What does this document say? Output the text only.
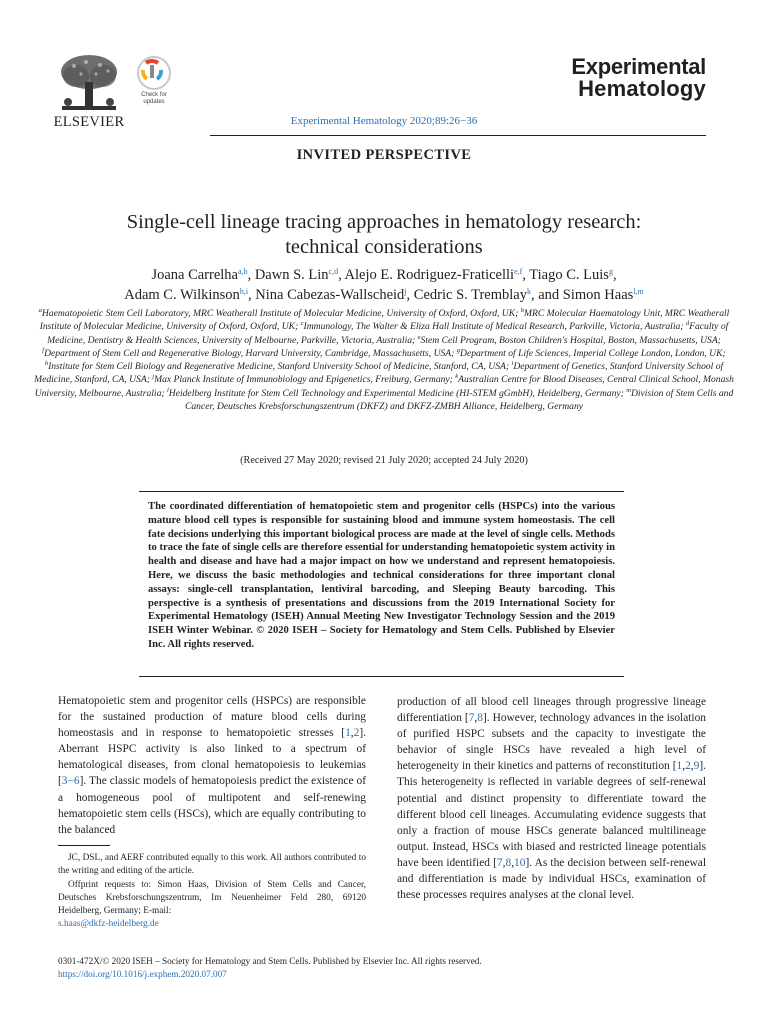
ELSEVIER
Check for
updates
Experimental
Hematology
Experimental Hematology 2020;89:26−36
INVITED PERSPECTIVE
Single-cell lineage tracing approaches in hematology research:
technical considerations
Joana Carrelha$^{a,b}$, Dawn S. Lin$^{c,d}$, Alejo E. Rodriguez-Fraticelli$^{e,f}$, Tiago C. Luis$^g$,
Adam C. Wilkinson$^{h,i}$, Nina Cabezas-Wallscheid$^j$, Cedric S. Tremblay$^k$, and Simon Haas$^{l,m}$
$^a$Haematopoietic Stem Cell Laboratory, MRC Weatherall Institute of Molecular Medicine, University of Oxford, Oxford, UK; $^b$MRC Molecular Haematology Unit, MRC Weatherall Institute of Molecular Medicine, University of Oxford, Oxford, UK; $^c$Immunology, The Walter & Eliza Hall Institute of Medical Research, Parkville, Victoria, Australia; $^d$Faculty of Medicine, Dentistry & Health Sciences, University of Melbourne, Parkville, Victoria, Australia; $^e$Stem Cell Program, Boston Children's Hospital, Boston, Massachusetts, USA; $^f$Department of Stem Cell and Regenerative Biology, Harvard University, Cambridge, Massachusetts, USA; $^g$Department of Life Sciences, Imperial College London, London, UK; $^h$Institute for Stem Cell Biology and Regenerative Medicine, Stanford University School of Medicine, Stanford, CA, USA; $^i$Department of Genetics, Stanford University School of Medicine, Stanford, CA, USA; $^j$Max Planck Institute of Immunobiology and Epigenetics, Freiburg, Germany; $^k$Australian Centre for Blood Diseases, Central Clinical School, Monash University, Melbourne, Australia; $^l$Heidelberg Institute for Stem Cell Technology and Experimental Medicine (HI-STEM gGmbH), Heidelberg, Germany; $^m$Division of Stem Cells and Cancer, Deutsches Krebsforschungszentrum (DKFZ) and DKFZ-ZMBH Alliance, Heidelberg, Germany
(Received 27 May 2020; revised 21 July 2020; accepted 24 July 2020)
The coordinated differentiation of hematopoietic stem and progenitor cells (HSPCs) into the various mature blood cell types is responsible for sustaining blood and immune system homeostasis. The cell fate decisions underlying this important biological process are made at the level of single cells. Methods to trace the fate of single cells are therefore essential for understanding hematopoietic system activity in health and disease and have had a major impact on how we understand and represent hematopoiesis. Here, we discuss the basic methodologies and technical considerations for three important clonal assays: single-cell transplantation, lentiviral barcoding, and Sleeping Beauty barcoding. This perspective is a synthesis of presentations and discussions from the 2019 International Society for Experimental Hematology (ISEH) Annual Meeting New Investigator Technology Session and the 2019 ISEH Winter Webinar. © 2020 ISEH – Society for Hematology and Stem Cells. Published by Elsevier Inc. All rights reserved.
Hematopoietic stem and progenitor cells (HSPCs) are responsible for the sustained production of mature blood cells during homeostasis and in response to hematopoietic stresses [1,2]. Aberrant HSPC activity is also linked to a spectrum of hematological diseases, from clonal hematopoiesis to leukemias [3−6]. The classic models of hematopoiesis predict the existence of a homogeneous pool of multipotent and self-renewing hematopoietic stem cells (HSCs), which are equally contributing to the balanced
production of all blood cell lineages through progressive lineage differentiation [7,8]. However, technology advances in the isolation of purified HSPC subsets and the capacity to investigate the behavior of single HSCs have revealed a high level of heterogeneity in their kinetics and patterns of reconstitution [1,2,9]. This heterogeneity is reflected in variable degrees of self-renewal potential and distinct propensity to differentiate toward the different blood cell lineages. Accumulating evidence suggests that only a fraction of mouse HSCs generate balanced multilineage output. Instead, HSCs with biased and restricted lineage potentials have been identified [7,8,10]. As the decision between self-renewal and differentiation is made by individual HSCs, examination of these processes requires analyses at the clonal level.

JC, DSL, and AERF contributed equally to this work. All authors contributed to the writing and editing of the article.

Offprint requests to: Simon Haas, Division of Stem Cells and Cancer, Deutsches Krebsforschungszentrum, Im Neuenheimer Feld 280, 69120 Heidelberg, Germany; E-mail:
s.haas@dkfz-heidelberg.de

0301-472X/© 2020 ISEH – Society for Hematology and Stem Cells. Published by Elsevier Inc. All rights reserved.
https://doi.org/10.1016/j.exphem.2020.07.007
